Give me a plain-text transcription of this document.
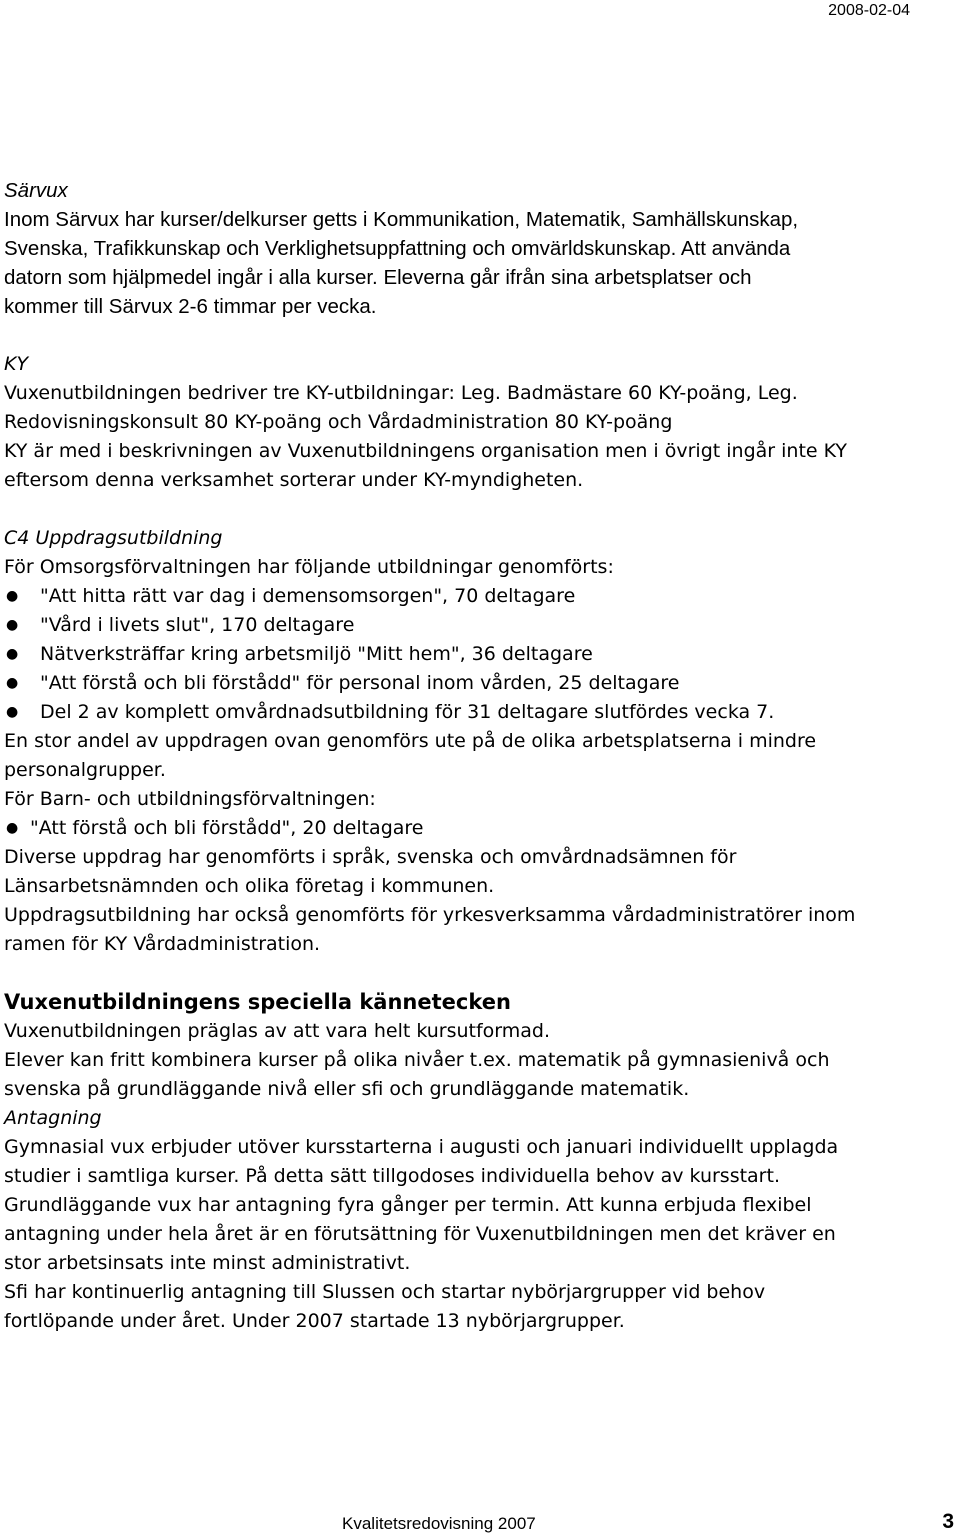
2008-02-04
Särvux
Inom Särvux har kurser/delkurser getts i Kommunikation, Matematik, Samhällskunskap,
Svenska, Trafikkunskap och Verklighetsuppfattning och omvärldskunskap. Att använda
datorn som hjälpmedel ingår i alla kurser. Eleverna går ifrån sina arbetsplatser och
kommer till Särvux 2-6 timmar per vecka.
KY
Vuxenutbildningen bedriver tre KY-utbildningar: Leg. Badmästare 60 KY-poäng, Leg.
Redovisningskonsult 80 KY-poäng och Vårdadministration 80 KY-poäng
KY är med i beskrivningen av Vuxenutbildningens organisation men i övrigt ingår inte KY
eftersom denna verksamhet sorterar under KY-myndigheten.
C4 Uppdragsutbildning
För Omsorgsförvaltningen har följande utbildningar genomförts:
● "Att hitta rätt var dag i demensomsorgen", 70 deltagare
● "Vård i livets slut", 170 deltagare
● Nätverksträffar kring arbetsmiljö "Mitt hem", 36 deltagare
● "Att förstå och bli förstådd" för personal inom vården, 25 deltagare
● Del 2 av komplett omvårdnadsutbildning för 31 deltagare slutfördes vecka 7.
En stor andel av uppdragen ovan genomförs ute på de olika arbetsplatserna i mindre
personalgrupper.
För Barn- och utbildningsförvaltningen:
● "Att förstå och bli förstådd", 20 deltagare
Diverse uppdrag har genomförts i språk, svenska och omvårdnadsämnen för
Länsarbetsnämnden och olika företag i kommunen.
Uppdragsutbildning har också genomförts för yrkesverksamma vårdadministratörer inom
ramen för KY Vårdadministration.
Vuxenutbildningens speciella kännetecken
Vuxenutbildningen präglas av att vara helt kursutformad.
Elever kan fritt kombinera kurser på olika nivåer t.ex. matematik på gymnasienivå och
svenska på grundläggande nivå eller sfi och grundläggande matematik.
Antagning
Gymnasial vux erbjuder utöver kursstarterna i augusti och januari individuellt upplagda
studier i samtliga kurser. På detta sätt tillgodoses individuella behov av kursstart.
Grundläggande vux har antagning fyra gånger per termin. Att kunna erbjuda flexibel
antagning under hela året är en förutsättning för Vuxenutbildningen men det kräver en
stor arbetsinsats inte minst administrativt.
Sfi har kontinuerlig antagning till Slussen och startar nybörjargrupper vid behov
fortlöpande under året. Under 2007 startade 13 nybörjargrupper.
Kvalitetsredovisning 2007	3
